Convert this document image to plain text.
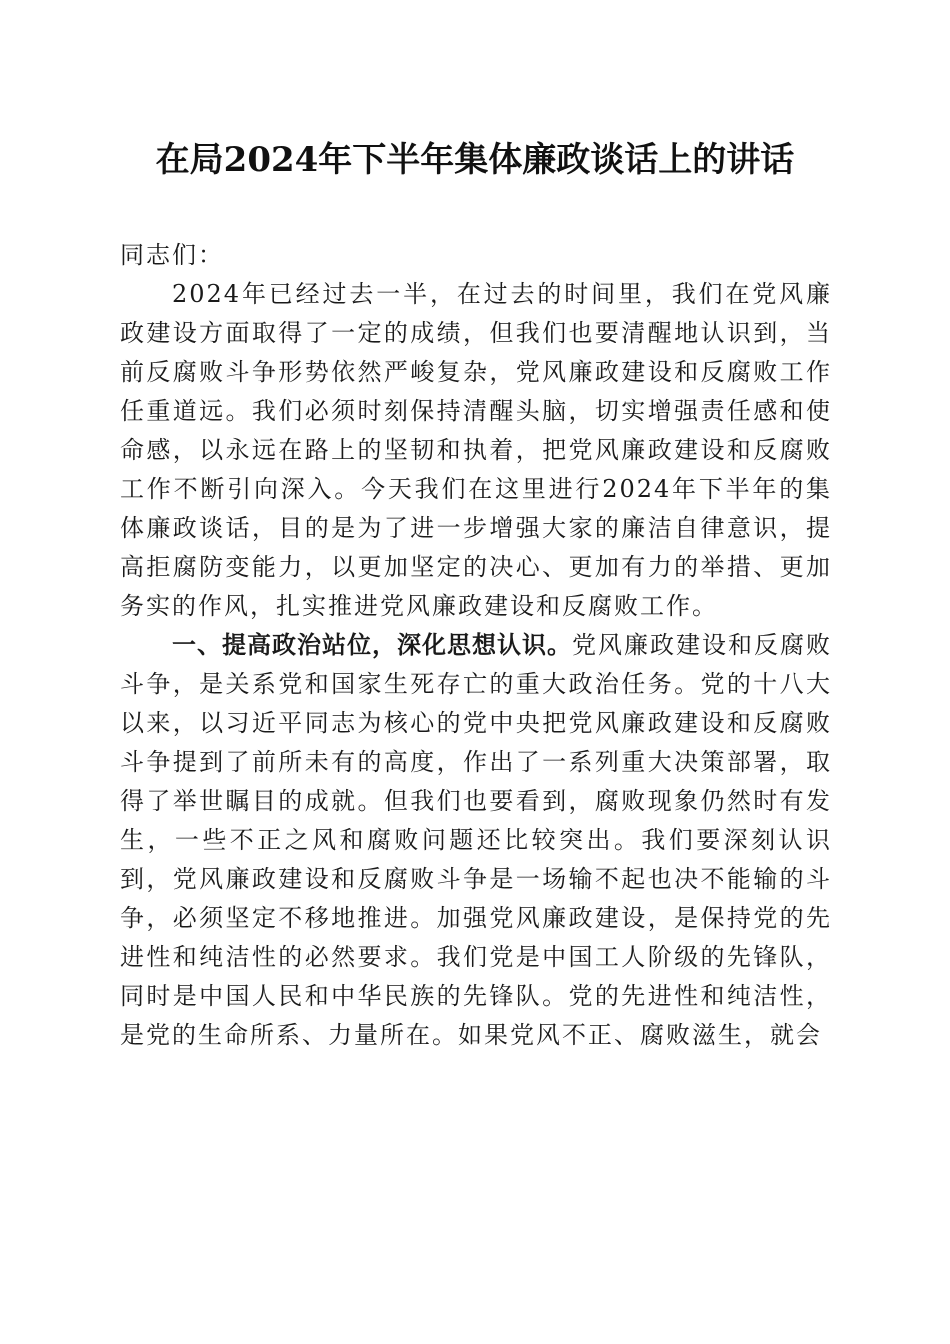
在局2024年下半年集体廉政谈话上的讲话

同志们：

2024年已经过去一半，在过去的时间里，我们在党风廉政建设方面取得了一定的成绩，但我们也要清醒地认识到，当前反腐败斗争形势依然严峻复杂，党风廉政建设和反腐败工作任重道远。我们必须时刻保持清醒头脑，切实增强责任感和使命感，以永远在路上的坚韧和执着，把党风廉政建设和反腐败工作不断引向深入。今天我们在这里进行2024年下半年的集体廉政谈话，目的是为了进一步增强大家的廉洁自律意识，提高拒腐防变能力，以更加坚定的决心、更加有力的举措、更加务实的作风，扎实推进党风廉政建设和反腐败工作。

一、提高政治站位，深化思想认识。党风廉政建设和反腐败斗争，是关系党和国家生死存亡的重大政治任务。党的十八大以来，以习近平同志为核心的党中央把党风廉政建设和反腐败斗争提到了前所未有的高度，作出了一系列重大决策部署，取得了举世瞩目的成就。但我们也要看到，腐败现象仍然时有发生，一些不正之风和腐败问题还比较突出。我们要深刻认识到，党风廉政建设和反腐败斗争是一场输不起也决不能输的斗争，必须坚定不移地推进。加强党风廉政建设，是保持党的先进性和纯洁性的必然要求。我们党是中国工人阶级的先锋队，同时是中国人民和中华民族的先锋队。党的先进性和纯洁性，是党的生命所系、力量所在。如果党风不正、腐败滋生，就会
